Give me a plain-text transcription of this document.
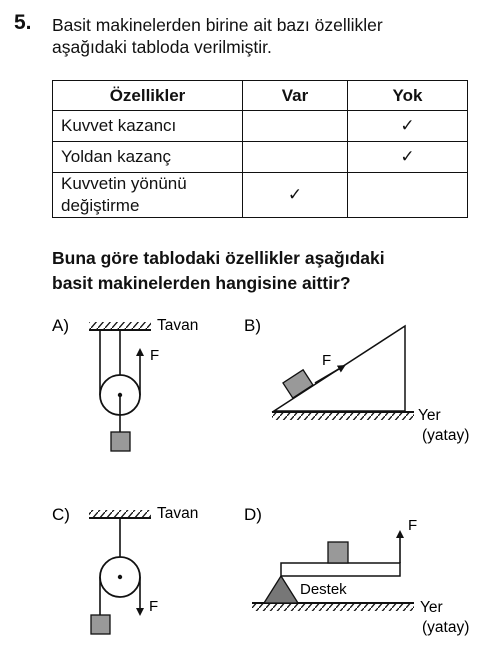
5. Basit makinelerden birine ait bazı özellikler
aşağıdaki tabloda verilmiştir.
Özellikler	Var	Yok
Kuvvet kazancı		✓
Yoldan kazanç		✓

Kuvvetin yönünü
değiştirme	✓	
Buna göre tablodaki özellikler aşağıdaki
basit makinelerden hangisine aittir?
A)	Tavan
F
B)
F
Yer
(yatay)
C)	Tavan
F
D)
F
Destek
Yer
(yatay)
